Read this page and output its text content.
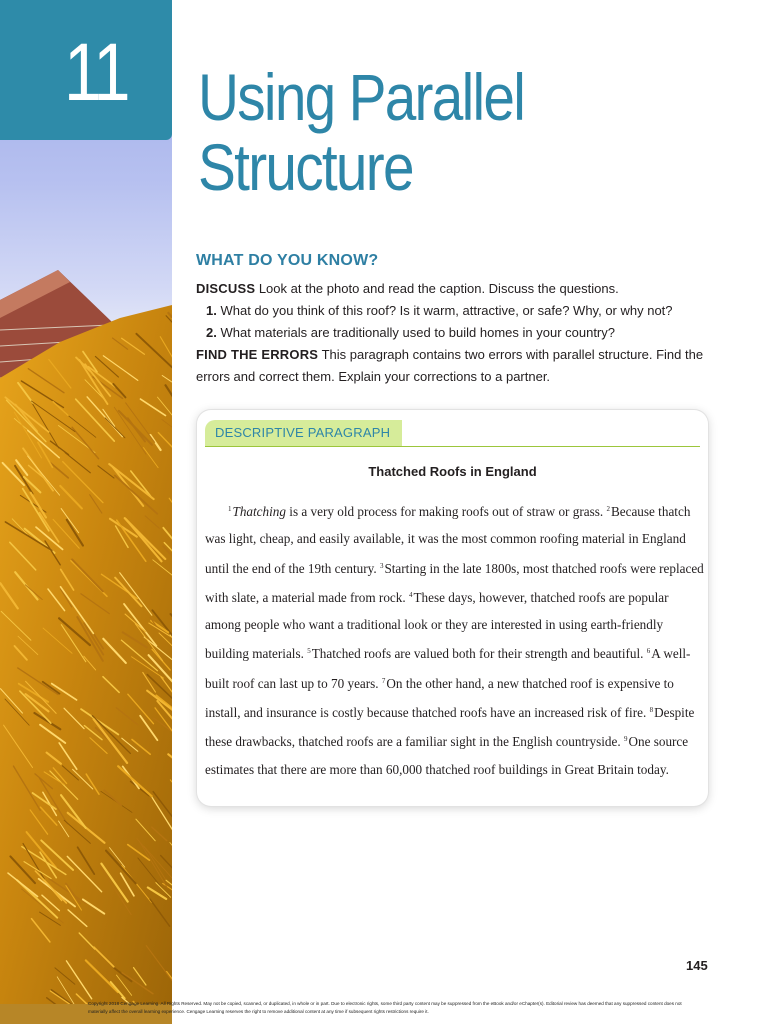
11 Using Parallel
Structure
WHAT DO YOU KNOW?
DISCUSS Look at the photo and read the caption. Discuss the questions.
1. What do you think of this roof? Is it warm, attractive, or safe? Why, or why not?
2. What materials are traditionally used to build homes in your country?
FIND THE ERRORS This paragraph contains two errors with parallel structure. Find the errors and correct them. Explain your corrections to a partner.
DESCRIPTIVE PARAGRAPH
Thatched Roofs in England
$^1$Thatching is a very old process for making roofs out of straw or grass. $^2$Because thatch was light, cheap, and easily available, it was the most common roofing material in England until the end of the 19th century. $^3$Starting in the late 1800s, most thatched roofs were replaced with slate, a material made from rock. $^4$These days, however, thatched roofs are popular among people who want a traditional look or they are interested in using earth-friendly building materials. $^5$Thatched roofs are valued both for their strength and beautiful. $^6$A well-built roof can last up to 70 years. $^7$On the other hand, a new thatched roof is expensive to install, and insurance is costly because thatched roofs have an increased risk of fire. $^8$Despite these drawbacks, thatched roofs are a familiar sight in the English countryside. $^9$One source estimates that there are more than 60,000 thatched roof buildings in Great Britain today.
145
Copyright 2018 Cengage Learning. All Rights Reserved. May not be copied, scanned, or duplicated, in whole or in part. Due to electronic rights, some third party content may be suppressed from the eBook and/or eChapter(s). Editorial review has deemed that any suppressed content does not materially affect the overall learning experience. Cengage Learning reserves the right to remove additional content at any time if subsequent rights restrictions require it.
